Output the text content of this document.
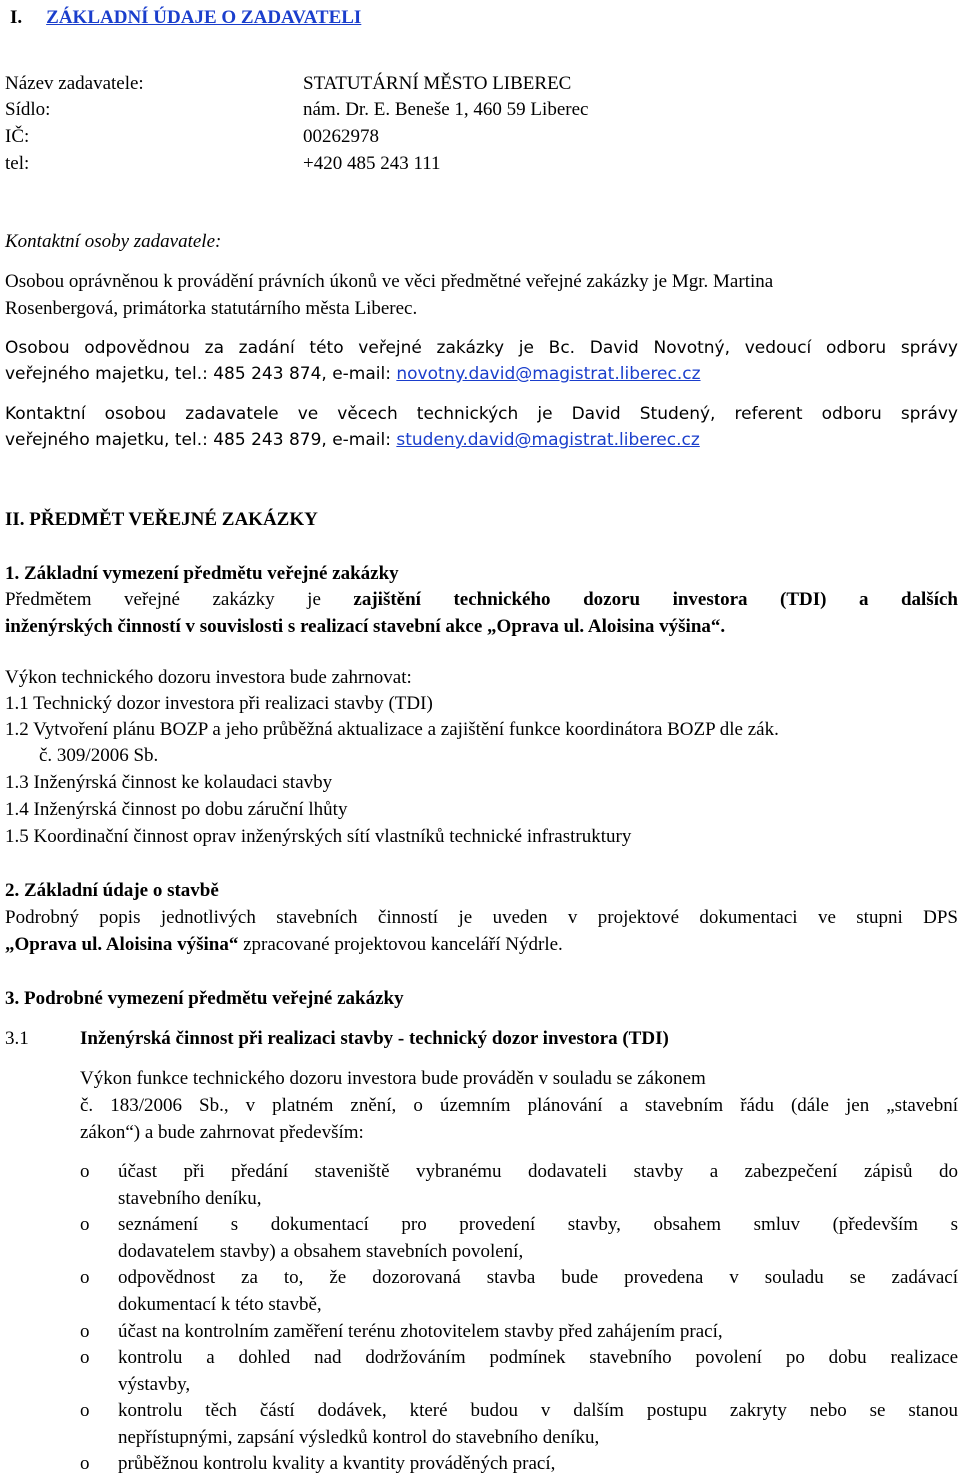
I. ZÁKLADNÍ ÚDAJE O ZADAVATELI
Název zadavatele:	STATUTÁRNÍ MĚSTO LIBEREC
Sídlo:	nám. Dr. E. Beneše 1, 460 59 Liberec
IČ:	00262978
tel:	+420 485 243 111
Kontaktní osoby zadavatele:
Osobou oprávněnou k provádění právních úkonů ve věci předmětné veřejné zakázky je Mgr. Martina
Rosenbergová, primátorka statutárního města Liberec.
Osobou odpovědnou za zadání této veřejné zakázky je Bc. David Novotný, vedoucí odboru správy
veřejného majetku, tel.: 485 243 874, e-mail: novotny.david@magistrat.liberec.cz
Kontaktní osobou zadavatele ve věcech technických je David Studený, referent odboru správy
veřejného majetku, tel.: 485 243 879, e-mail: studeny.david@magistrat.liberec.cz
II. PŘEDMĚT VEŘEJNÉ ZAKÁZKY
1. Základní vymezení předmětu veřejné zakázky
Předmětem veřejné zakázky je zajištění technického dozoru investora (TDI) a dalších
inženýrských činností v souvislosti s realizací stavební akce „Oprava ul. Aloisina výšina“.
Výkon technického dozoru investora bude zahrnovat:
1.1 Technický dozor investora při realizaci stavby (TDI)
1.2 Vytvoření plánu BOZP a jeho průběžná aktualizace a zajištění funkce koordinátora BOZP dle zák.
č. 309/2006 Sb.
1.3 Inženýrská činnost ke kolaudaci stavby
1.4 Inženýrská činnost po dobu záruční lhůty
1.5 Koordinační činnost oprav inženýrských sítí vlastníků technické infrastruktury
2. Základní údaje o stavbě
Podrobný popis jednotlivých stavebních činností je uveden v projektové dokumentaci ve stupni DPS
„Oprava ul. Aloisina výšina“ zpracované projektovou kanceláří Nýdrle.
3. Podrobné vymezení předmětu veřejné zakázky
3.1	Inženýrská činnost při realizaci stavby - technický dozor investora (TDI)
Výkon funkce technického dozoru investora bude prováděn v souladu se zákonem
č. 183/2006 Sb., v platném znění, o územním plánování a stavebním řádu (dále jen „stavební
zákon“) a bude zahrnovat především:
o účast při předání staveniště vybranému dodavateli stavby a zabezpečení zápisů do
stavebního deníku,
o seznámení s dokumentací pro provedení stavby, obsahem smluv (především s
dodavatelem stavby) a obsahem stavebních povolení,
o odpovědnost za to, že dozorovaná stavba bude provedena v souladu se zadávací
dokumentací k této stavbě,
o účast na kontrolním zaměření terénu zhotovitelem stavby před zahájením prací,
o kontrolu a dohled nad dodržováním podmínek stavebního povolení po dobu realizace
výstavby,
o kontrolu těch částí dodávek, které budou v dalším postupu zakryty nebo se stanou
nepřístupnými, zapsání výsledků kontrol do stavebního deníku,
o průběžnou kontrolu kvality a kvantity prováděných prací,
